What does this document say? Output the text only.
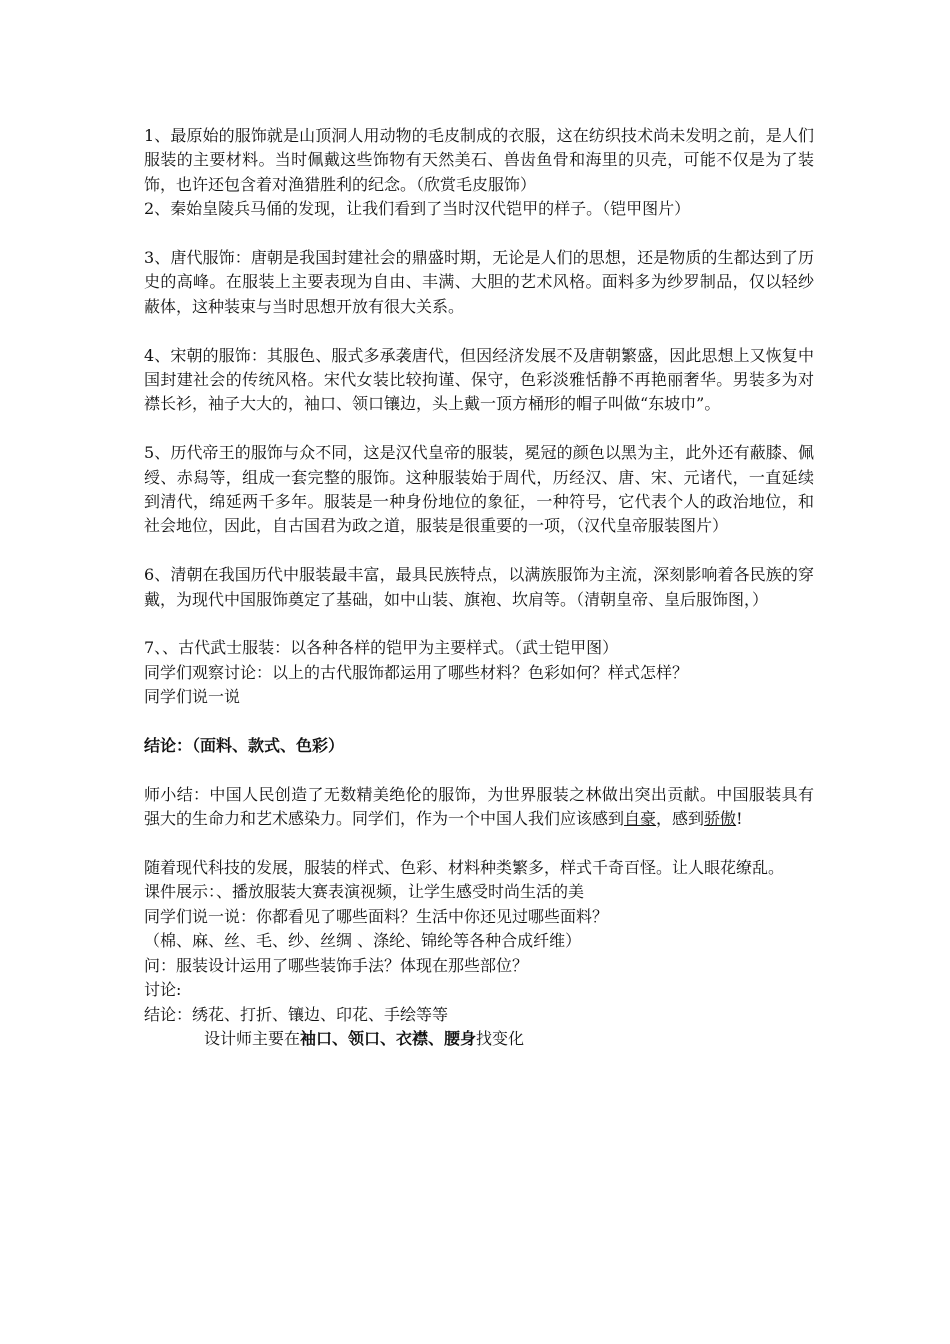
1、最原始的服饰就是山顶洞人用动物的毛皮制成的衣服，这在纺织技术尚未发明之前，是人们服装的主要材料。当时佩戴这些饰物有天然美石、兽齿鱼骨和海里的贝壳，可能不仅是为了装饰，也许还包含着对渔猎胜利的纪念。（欣赏毛皮服饰）

2、秦始皇陵兵马俑的发现，让我们看到了当时汉代铠甲的样子。（铠甲图片）

3、唐代服饰：唐朝是我国封建社会的鼎盛时期，无论是人们的思想，还是物质的生都达到了历史的高峰。在服装上主要表现为自由、丰满、大胆的艺术风格。面料多为纱罗制品，仅以轻纱蔽体，这种装束与当时思想开放有很大关系。

4、宋朝的服饰：其服色、服式多承袭唐代，但因经济发展不及唐朝繁盛，因此思想上又恢复中国封建社会的传统风格。宋代女装比较拘谨、保守，色彩淡雅恬静不再艳丽奢华。男装多为对襟长衫，袖子大大的，袖口、领口镶边，头上戴一顶方桶形的帽子叫做“东坡巾”。

5、历代帝王的服饰与众不同，这是汉代皇帝的服装，冕冠的颜色以黑为主，此外还有蔽膝、佩绶、赤舄等，组成一套完整的服饰。这种服装始于周代，历经汉、唐、宋、元诸代，一直延续到清代，绵延两千多年。服装是一种身份地位的象征，一种符号，它代表个人的政治地位，和社会地位，因此，自古国君为政之道，服装是很重要的一项，（汉代皇帝服装图片）

6、清朝在我国历代中服装最丰富，最具民族特点，以满族服饰为主流，深刻影响着各民族的穿戴，为现代中国服饰奠定了基础，如中山装、旗袍、坎肩等。（清朝皇帝、皇后服饰图，）

7、、古代武士服装：以各种各样的铠甲为主要样式。（武士铠甲图）

同学们观察讨论：以上的古代服饰都运用了哪些材料？色彩如何？样式怎样？

同学们说一说

结论：（面料、款式、色彩）

师小结：中国人民创造了无数精美绝伦的服饰，为世界服装之林做出突出贡献。中国服装具有强大的生命力和艺术感染力。同学们，作为一个中国人我们应该感到自豪，感到骄傲!

随着现代科技的发展，服装的样式、色彩、材料种类繁多，样式千奇百怪。让人眼花缭乱。

课件展示：、播放服装大赛表演视频，让学生感受时尚生活的美

同学们说一说：你都看见了哪些面料？生活中你还见过哪些面料？

（棉、麻、丝、毛、纱、丝绸 、涤纶、锦纶等各种合成纤维）

问：服装设计运用了哪些装饰手法？体现在那些部位？

讨论:

结论：绣花、打折、镶边、印花、手绘等等

设计师主要在袖口、领口、衣襟、腰身找变化
